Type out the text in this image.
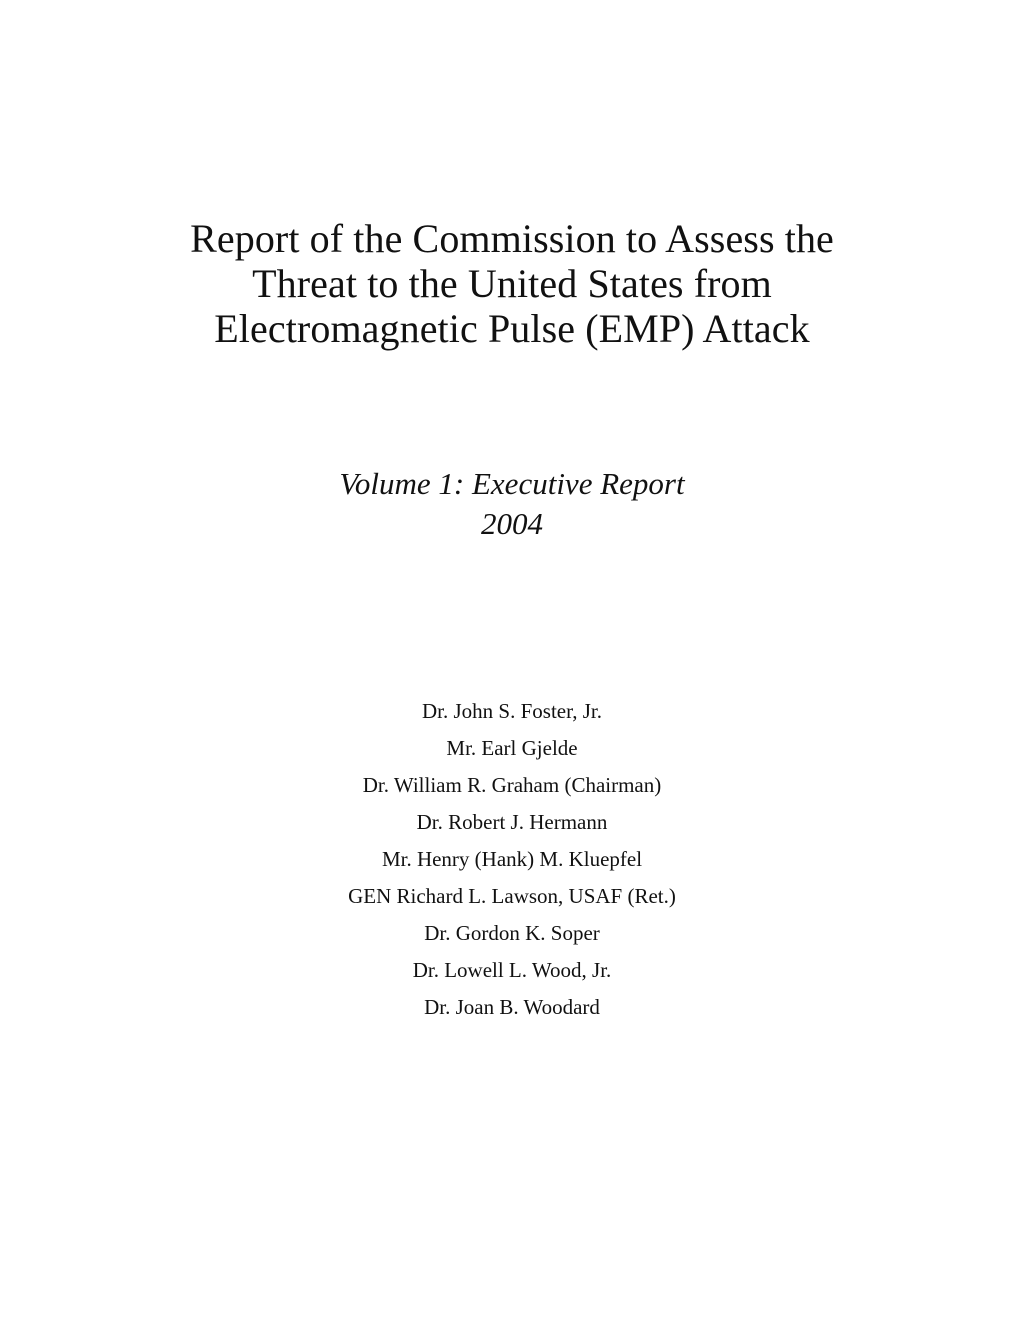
Report of the Commission to Assess the
Threat to the United States from
Electromagnetic Pulse (EMP) Attack
Volume 1: Executive Report
2004
Dr. John S. Foster, Jr.
Mr. Earl Gjelde
Dr. William R. Graham (Chairman)
Dr. Robert J. Hermann
Mr. Henry (Hank) M. Kluepfel
GEN Richard L. Lawson, USAF (Ret.)
Dr. Gordon K. Soper
Dr. Lowell L. Wood, Jr.
Dr. Joan B. Woodard
